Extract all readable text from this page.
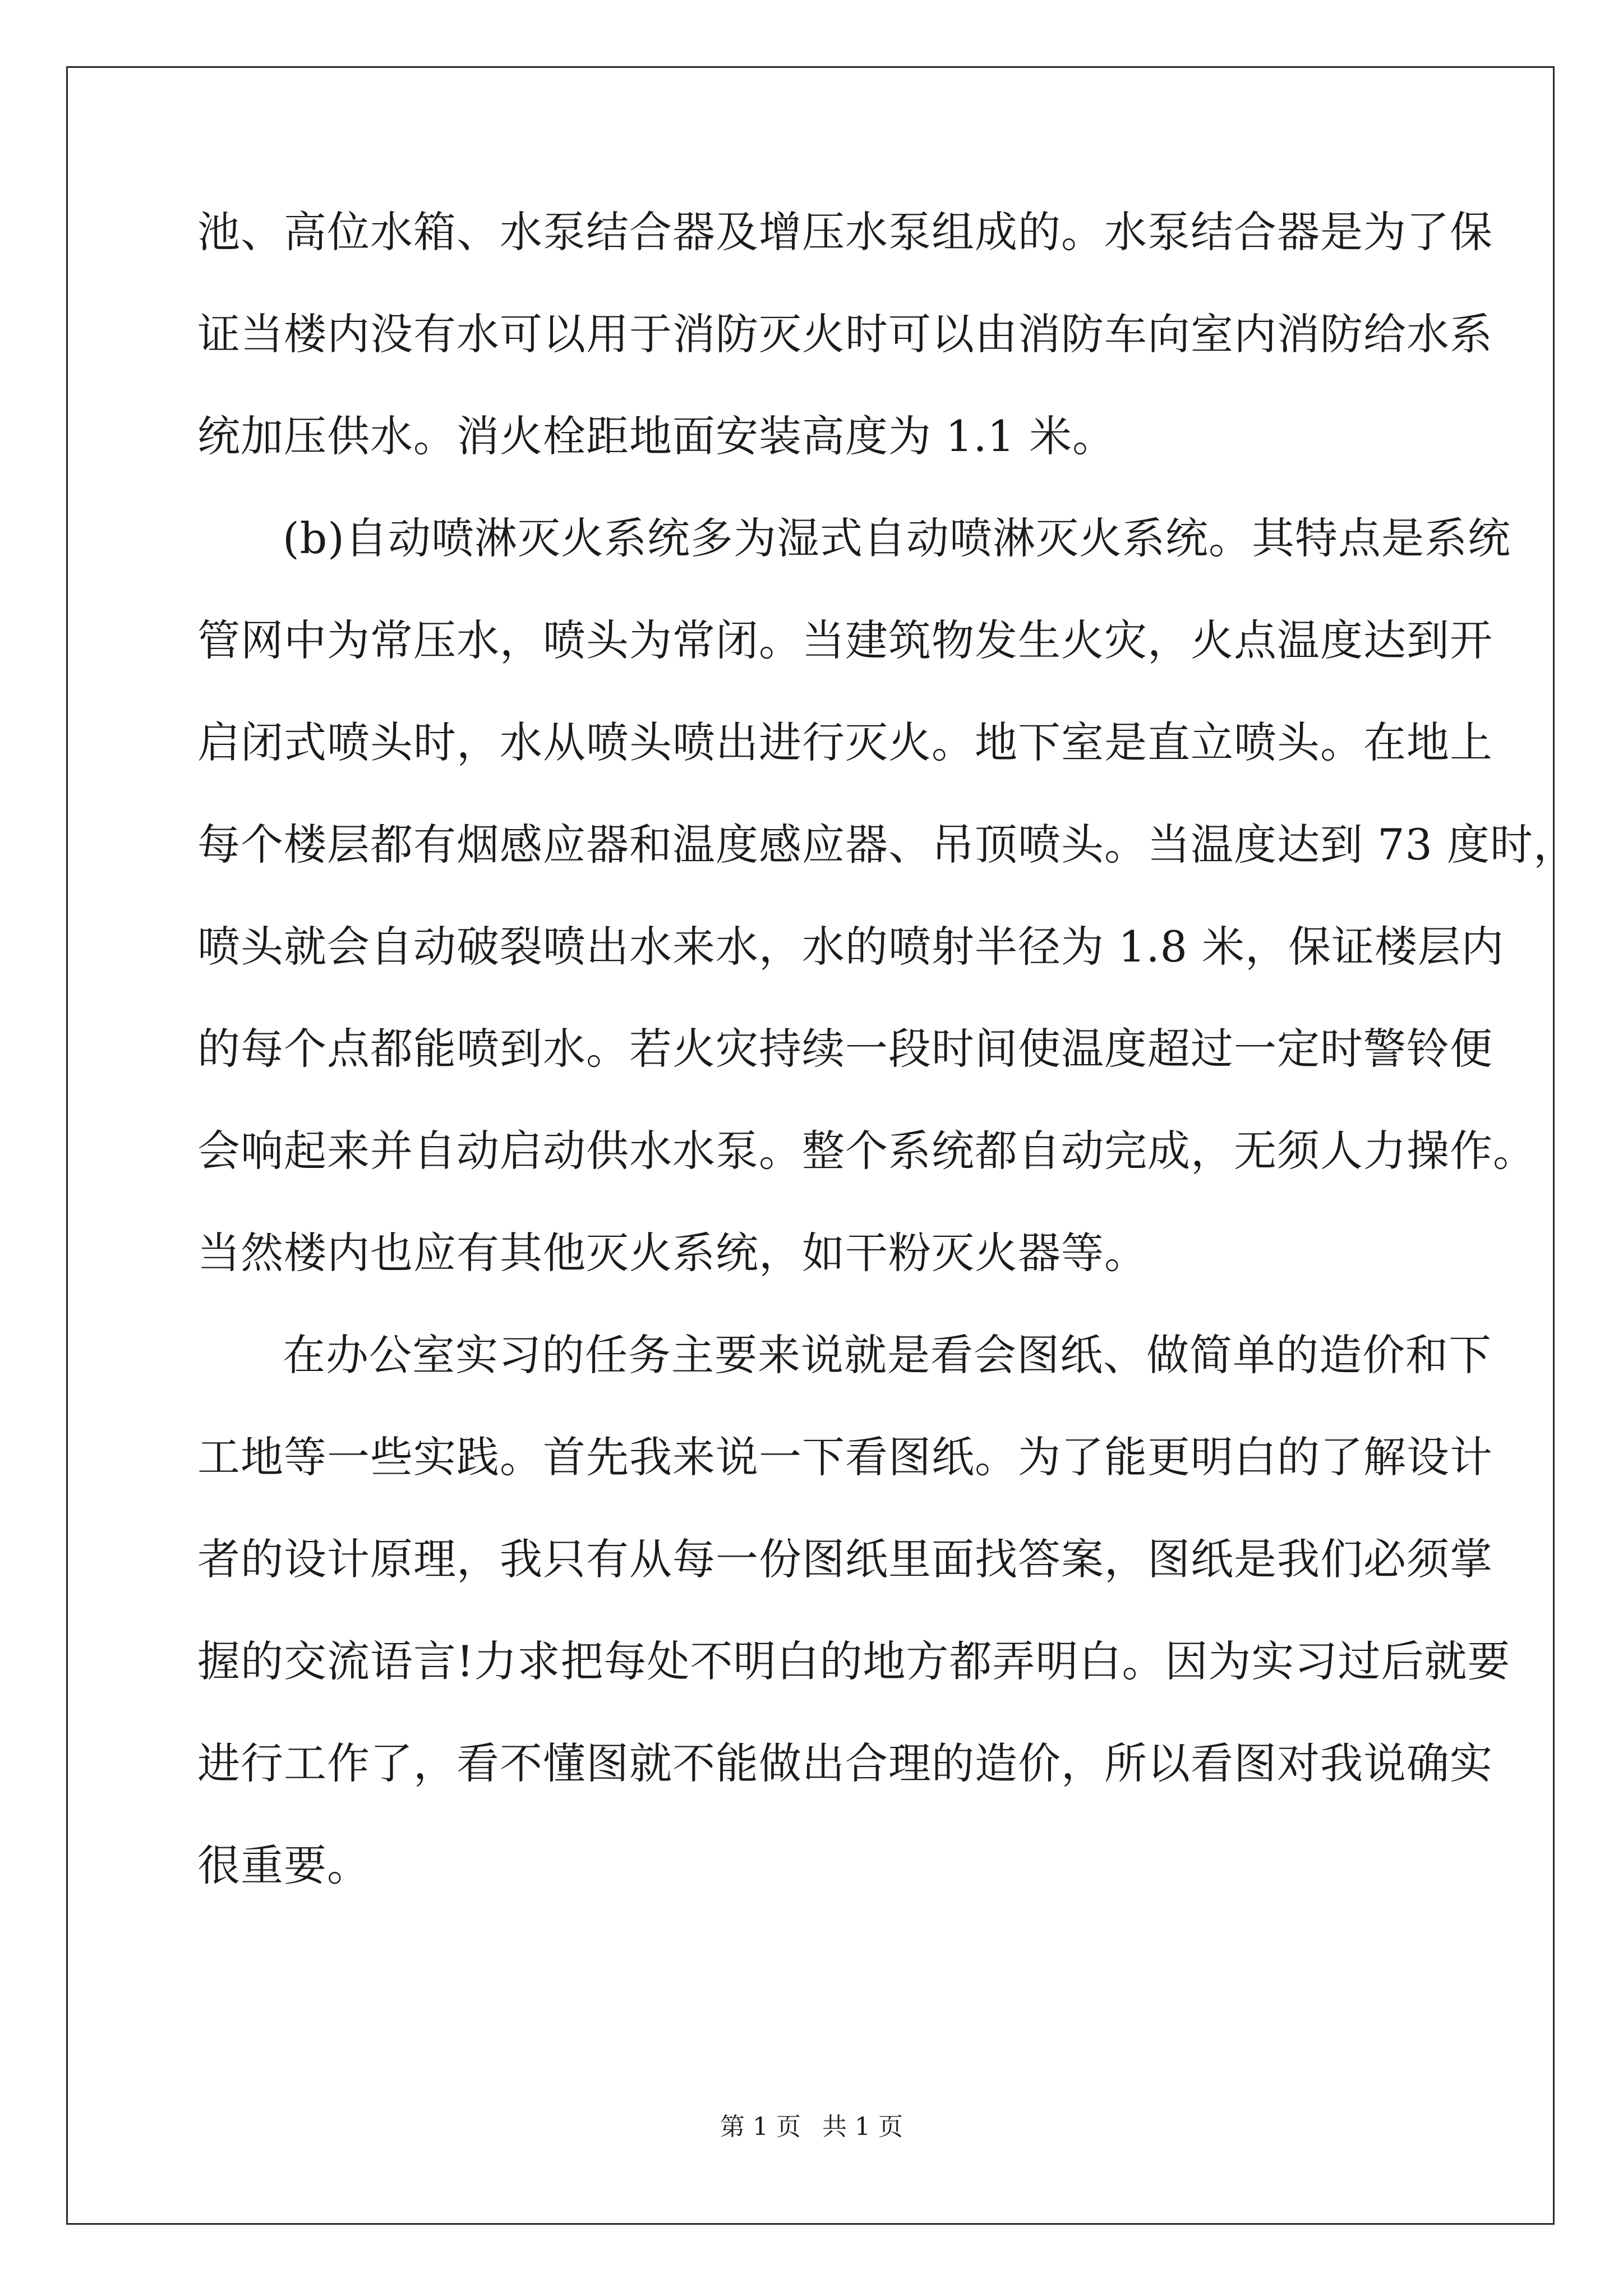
池、高位水箱、水泵结合器及增压水泵组成的。水泵结合器是为了保
证当楼内没有水可以用于消防灭火时可以由消防车向室内消防给水系
统加压供水。消火栓距地面安装高度为 1.1 米。
(b)自动喷淋灭火系统多为湿式自动喷淋灭火系统。其特点是系统
管网中为常压水，喷头为常闭。当建筑物发生火灾，火点温度达到开
启闭式喷头时，水从喷头喷出进行灭火。地下室是直立喷头。在地上
每个楼层都有烟感应器和温度感应器、吊顶喷头。当温度达到 73 度时，
喷头就会自动破裂喷出水来水，水的喷射半径为 1.8 米，保证楼层内
的每个点都能喷到水。若火灾持续一段时间使温度超过一定时警铃便
会响起来并自动启动供水水泵。整个系统都自动完成，无须人力操作。
当然楼内也应有其他灭火系统，如干粉灭火器等。
在办公室实习的任务主要来说就是看会图纸、做简单的造价和下
工地等一些实践。首先我来说一下看图纸。为了能更明白的了解设计
者的设计原理，我只有从每一份图纸里面找答案，图纸是我们必须掌
握的交流语言!力求把每处不明白的地方都弄明白。因为实习过后就要
进行工作了，看不懂图就不能做出合理的造价，所以看图对我说确实
很重要。
第 1 页 共 1 页
